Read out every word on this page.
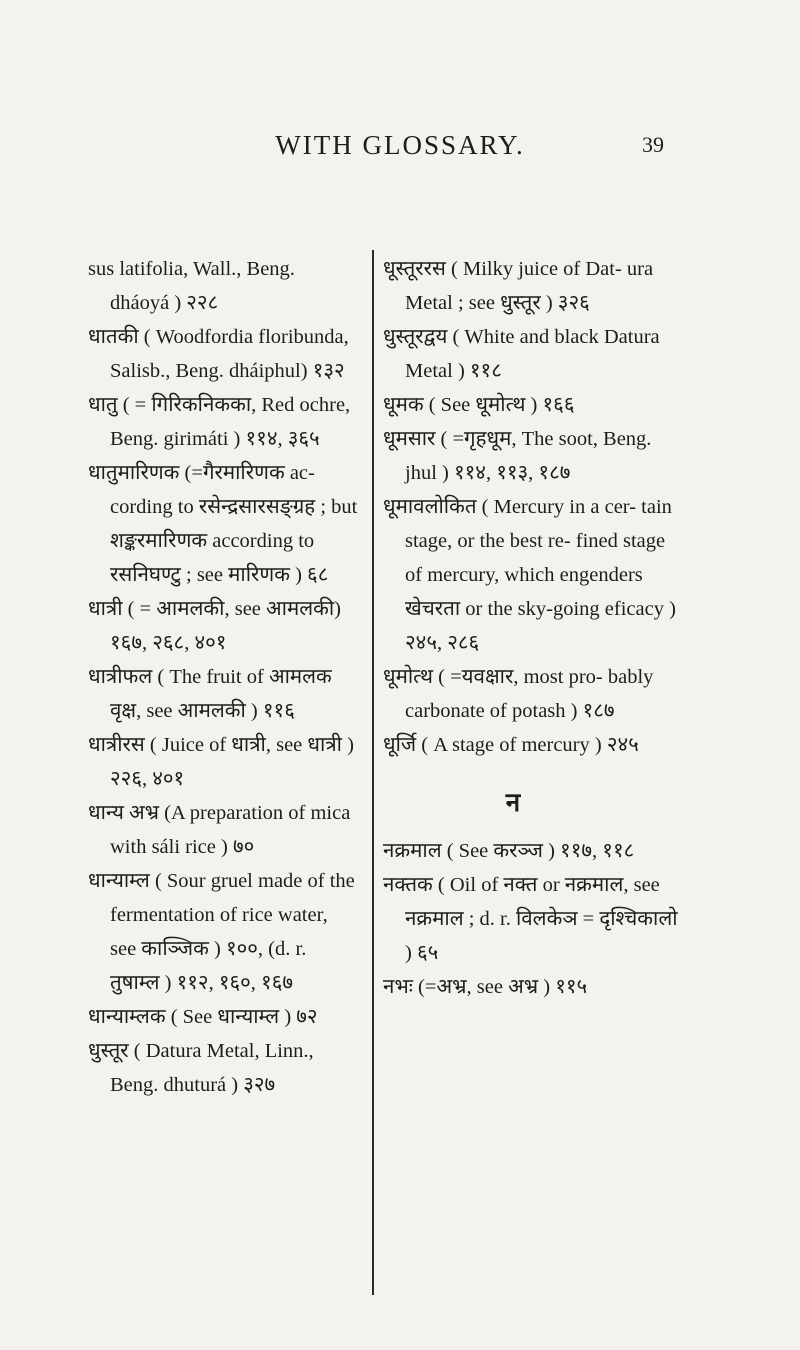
WITH GLOSSARY.	39

sus latifolia, Wall., Beng. dháoyá ) २२८

धातकी ( Woodfordia floribunda, Salisb., Beng. dháiphul) १३२

धातु ( = गिरिकनिकका, Red ochre, Beng. girimáti ) ११४, ३६५

धातुमारिणक (=गैरमारिणक ac- cording to रसेन्द्रसारसङ्ग्रह ; but शङ्करमारिणक according to रसनिघण्टु ; see मारिणक ) ६८

धात्री ( = आमलकी, see आमलकी) १६७, २६८, ४०१

धात्रीफल ( The fruit of आमलक वृक्ष, see आमलकी ) ११६

धात्रीरस ( Juice of धात्री, see धात्री ) २२६, ४०१

धान्य अभ्र (A preparation of mica with sáli rice ) ७०

धान्याम्ल ( Sour gruel made of the fermentation of rice water, see काञ्जिक ) १००, (d. r. तुषाम्ल ) ११२, १६०, १६७

धान्याम्लक ( See धान्याम्ल ) ७२

धुस्तूर ( Datura Metal, Linn., Beng. dhuturá ) ३२७

धूस्तूररस ( Milky juice of Dat- ura Metal ; see धुस्तूर ) ३२६

धुस्तूरद्वय ( White and black Datura Metal ) ११८

धूमक ( See धूमोत्थ ) १६६

धूमसार ( =गृहधूम, The soot, Beng. jhul ) ११४, ११३, १८७

धूमावलोकित ( Mercury in a cer- tain stage, or the best re- fined stage of mercury, which engenders खेचरता or the sky-going eficacy ) २४५, २८६

धूमोत्थ ( =यवक्षार, most pro- bably carbonate of potash ) १८७

धूर्जि ( A stage of mercury ) २४५

न

नक्रमाल ( See करञ्ज ) ११७, ११८

नक्तक ( Oil of नक्त or नक्रमाल, see नक्रमाल ; d. r. विलकेञ = दृश्चिकालो ) ६५

नभः (=अभ्र, see अभ्र ) ११५
